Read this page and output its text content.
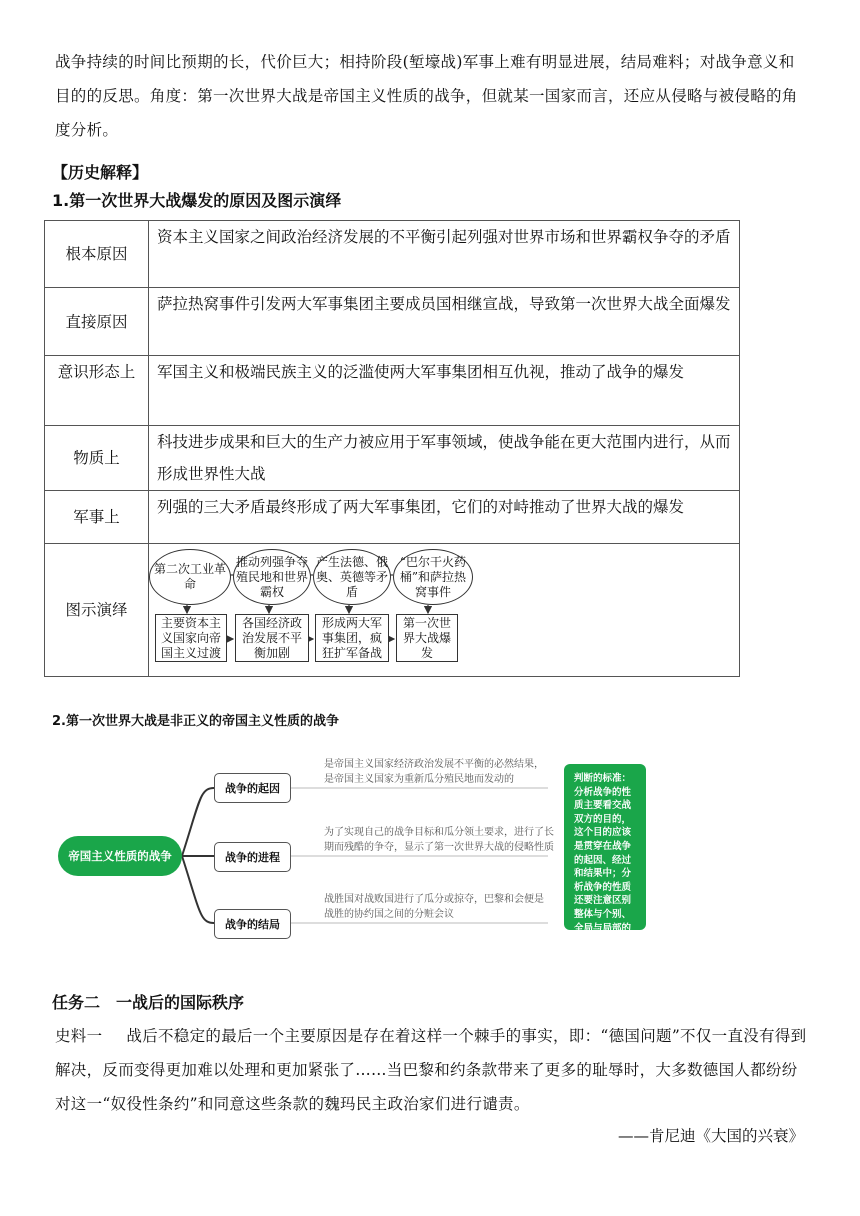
战争持续的时间比预期的长，代价巨大；相持阶段(堑壕战)军事上难有明显进展，结局难料；对战争意义和目的的反思。角度：第一次世界大战是帝国主义性质的战争，但就某一国家而言，还应从侵略与被侵略的角度分析。
【历史解释】
1.第一次世界大战爆发的原因及图示演绎
根本原因	资本主义国家之间政治经济发展的不平衡引起列强对世界市场和世界霸权争夺的矛盾
直接原因	萨拉热窝事件引发两大军事集团主要成员国相继宣战，导致第一次世界大战全面爆发
意识形态上	军国主义和极端民族主义的泛滥使两大军事集团相互仇视，推动了战争的爆发
物质上	科技进步成果和巨大的生产力被应用于军事领域，使战争能在更大范围内进行，从而形成世界性大战
军事上	列强的三大矛盾最终形成了两大军事集团，它们的对峙推动了世界大战的爆发
图示演绎	
第二次工业革命
推动列强争夺殖民地和世界霸权
产生法德、俄奥、英德等矛盾
“巴尔干火药桶”和萨拉热窝事件
主要资本主义国家向帝国主义过渡
各国经济政治发展不平衡加剧
形成两大军事集团，疯狂扩军备战
第一次世界大战爆发
2.第一次世界大战是非正义的帝国主义性质的战争
帝国主义性质的战争
战争的起因
战争的进程
战争的结局
是帝国主义国家经济政治发展不平衡的必然结果，是帝国主义国家为重新瓜分殖民地而发动的
为了实现自己的战争目标和瓜分领土要求，进行了长期而残酷的争夺，显示了第一次世界大战的侵略性质
战胜国对战败国进行了瓜分或掠夺，巴黎和会便是战胜的协约国之间的分赃会议
判断的标准：分析战争的性质主要看交战双方的目的，这个目的应该是贯穿在战争的起因、经过和结果中；分析战争的性质还要注意区别整体与个别、全局与局部的关系。
任务二　一战后的国际秩序
史料一 战后不稳定的最后一个主要原因是存在着这样一个棘手的事实，即：“德国问题”不仅一直没有得到解决，反而变得更加难以处理和更加紧张了……当巴黎和约条款带来了更多的耻辱时，大多数德国人都纷纷对这一“奴役性条约”和同意这些条款的魏玛民主政治家们进行谴责。
——肯尼迪《大国的兴衰》
